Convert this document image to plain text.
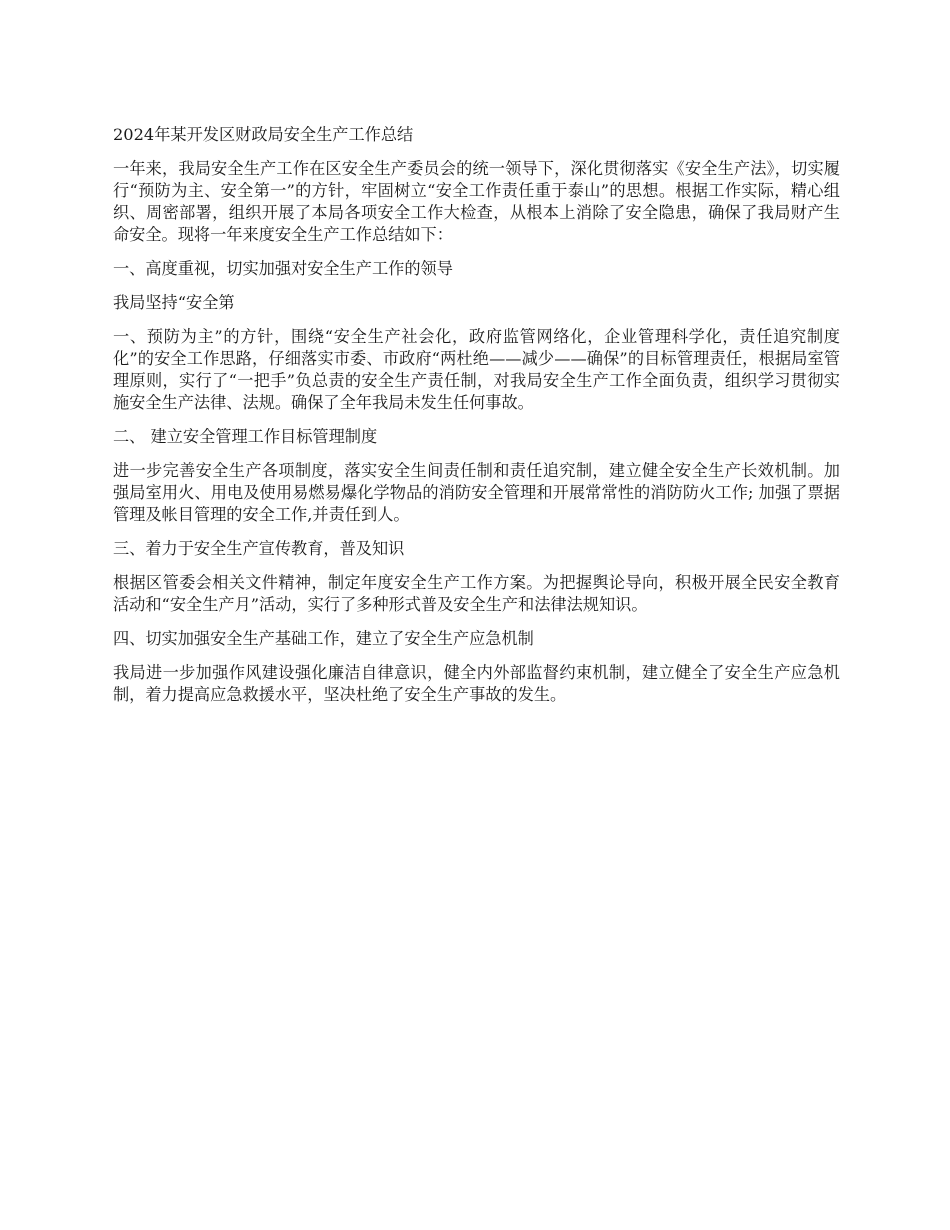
2024年某开发区财政局安全生产工作总结

一年来，我局安全生产工作在区安全生产委员会的统一领导下，深化贯彻落实《安全生产法》，切实履行“预防为主、安全第一”的方针，牢固树立“安全工作责任重于泰山”的思想。根据工作实际，精心组织、周密部署，组织开展了本局各项安全工作大检查，从根本上消除了安全隐患，确保了我局财产生命安全。现将一年来度安全生产工作总结如下：

一、高度重视，切实加强对安全生产工作的领导

我局坚持“安全第

一、预防为主”的方针，围绕“安全生产社会化，政府监管网络化，企业管理科学化，责任追究制度化”的安全工作思路，仔细落实市委、市政府“两杜绝——减少——确保”的目标管理责任，根据局室管理原则，实行了“一把手”负总责的安全生产责任制，对我局安全生产工作全面负责，组织学习贯彻实施安全生产法律、法规。确保了全年我局未发生任何事故。

二、 建立安全管理工作目标管理制度

进一步完善安全生产各项制度，落实安全生间责任制和责任追究制，建立健全安全生产长效机制。加强局室用火、用电及使用易燃易爆化学物品的消防安全管理和开展常常性的消防防火工作; 加强了票据管理及帐目管理的安全工作,并责任到人。

三、着力于安全生产宣传教育，普及知识

根据区管委会相关文件精神，制定年度安全生产工作方案。为把握舆论导向，积极开展全民安全教育活动和“安全生产月”活动，实行了多种形式普及安全生产和法律法规知识。

四、切实加强安全生产基础工作，建立了安全生产应急机制

我局进一步加强作风建设强化廉洁自律意识，健全内外部监督约束机制，建立健全了安全生产应急机制，着力提高应急救援水平，坚决杜绝了安全生产事故的发生。
